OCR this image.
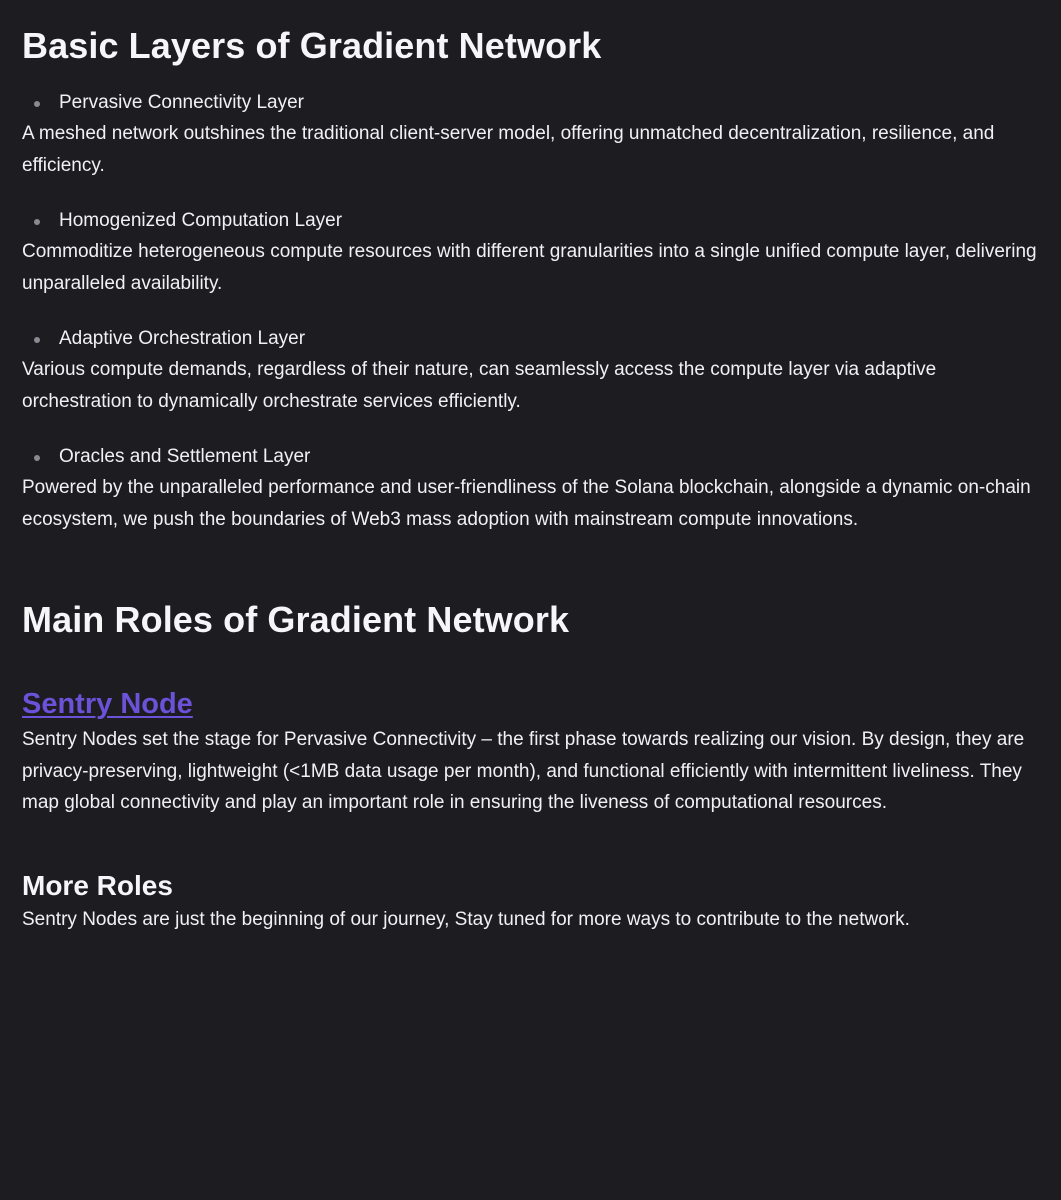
Basic Layers of Gradient Network
Pervasive Connectivity Layer

A meshed network outshines the traditional client-server model, offering unmatched decentralization, resilience, and efficiency.

Homogenized Computation Layer

Commoditize heterogeneous compute resources with different granularities into a single unified compute layer, delivering unparalleled availability.

Adaptive Orchestration Layer

Various compute demands, regardless of their nature, can seamlessly access the compute layer via adaptive orchestration to dynamically orchestrate services efficiently.

Oracles and Settlement Layer

Powered by the unparalleled performance and user-friendliness of the Solana blockchain, alongside a dynamic on-chain ecosystem, we push the boundaries of Web3 mass adoption with mainstream compute innovations.

Main Roles of Gradient Network
Sentry Node

Sentry Nodes set the stage for Pervasive Connectivity – the first phase towards realizing our vision. By design, they are privacy-preserving, lightweight (<1MB data usage per month), and functional efficiently with intermittent liveliness. They map global connectivity and play an important role in ensuring the liveness of computational resources.

More Roles

Sentry Nodes are just the beginning of our journey, Stay tuned for more ways to contribute to the network.
